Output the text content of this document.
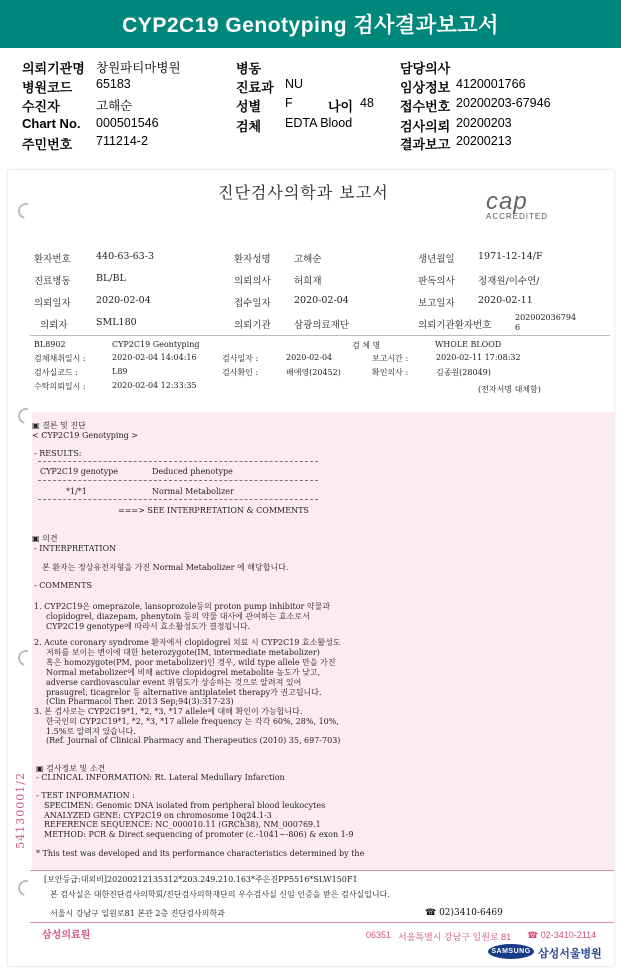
CYP2C19 Genotyping 검사결과보고서
의뢰기관명 창원파티마병원
병원코드 65183
수진자	고해순
Chart No. 000501546
주민번호 711214-2
병동
진료과 NU
성별 F	나이 48
검체 EDTA Blood
담당의사
임상정보 4120001766
접수번호 20200203-67946
검사의뢰 20200203
결과보고 20200213
진단검사의학과 보고서	cap
ACCREDITED
환자번호	440-63-63-3	환자성명 고해순	생년월일 1971-12-14/F
진료병동	BL/BL	의뢰의사 허희재	판독의사 정재원/이수연/
의뢰일자	2020-02-04	접수일자 2020-02-04	보고일자 2020-02-11
의뢰자	SML180	의뢰기관 삼광의료재단	의뢰기관환자번호
202002036794
6
BL8902	CYP2C19 Geontyping	검 체 명	WHOLE BLOOD
검체채취일시 :	2020-02-04 14:04:16	검사일자 :	2020-02-04	보고시간 :	2020-02-11 17:08:32
검사실코드 :	L89	검사확인 :	배애영(20452)	확인의사 :	김종원(28049)
수탁의뢰일시 :	2020-02-04 12:33:35	(전자서명 대체함)
▣ 결론 및 진단
< CYP2C19 Genotyping >
- RESULTS:
CYP2C19 genotype	Deduced phenotype
*1/*1	Normal Metabolizer
===> SEE INTERPRETATION & COMMENTS
▣ 의견
- INTERPRETATION
본 환자는 정상유전자형을 가진 Normal Metabolizer 에 해당합니다.
- COMMENTS
1. CYP2C19은 omeprazole, lansoprozole등의 proton pump inhibitor 약물과
clopidogrel, diazepam, phenytoin 등의 약물 대사에 관여하는 효소로서
CYP2C19 genotype에 따라서 효소활성도가 결정됩니다.
2. Acute coronary syndrome 환자에서 clopidogrel 치료 시 CYP2C19 효소활성도
저하를 보이는 변이에 대한 heterozygote(IM, intermediate metabolizer)
혹은 homozygote(PM, poor metabolizer)인 경우, wild type allele 만을 가진
Normal metabolizer에 비해 active clopidogrel metabolite 농도가 낮고,
adverse cardiovascular event 위험도가 상승하는 것으로 알려져 있어
prasugrel, ticagrelor 등 alternative antiplatelet therapy가 권고됩니다.
(Clin Pharmacol Ther. 2013 Sep;94(3):317-23)
3. 본 검사로는 CYP2C19*1, *2, *3, *17 allele에 대해 확인이 가능합니다.
한국인의 CYP2C19*1, *2, *3, *17 allele frequency 는 각각 60%, 28%, 10%,
1.5%로 알려져 있습니다.
(Ref. Journal of Clinical Pharmacy and Therapeutics (2010) 35, 697-703)
▣ 검사정보 및 소견
- CLINICAL INFORMATION: Rt. Lateral Medullary Infarction
- TEST INFORMATION :
SPECIMEN: Genomic DNA isolated from peripheral blood leukocytes
ANALYZED GENE: CYP2C19 on chromosome 10q24.1-3
REFERENCE SEQUENCE: NC_000010.11 (GRCh38), NM_000769.1
METHOD: PCR & Direct sequencing of promoter (c.-1041~-806) & exon 1-9
* This test was developed and its performance characteristics determined by the
54130001/2
[보안등급:대외비]20200212135312*203.249.210.163*주은진PP5516*SLW150F1
본 검사실은 대한진단검사의학회/진단검사의학재단의 우수검사실 신임 인증을 받은 검사실입니다.
서울시 강남구 일원로81 본관 2층 진단검사의학과	☎ 02)3410-6469
삼성의료원	06351 서울특별시 강남구 일원로 81 ☎ 02-3410-2114
SAMSUNG 삼성서울병원
